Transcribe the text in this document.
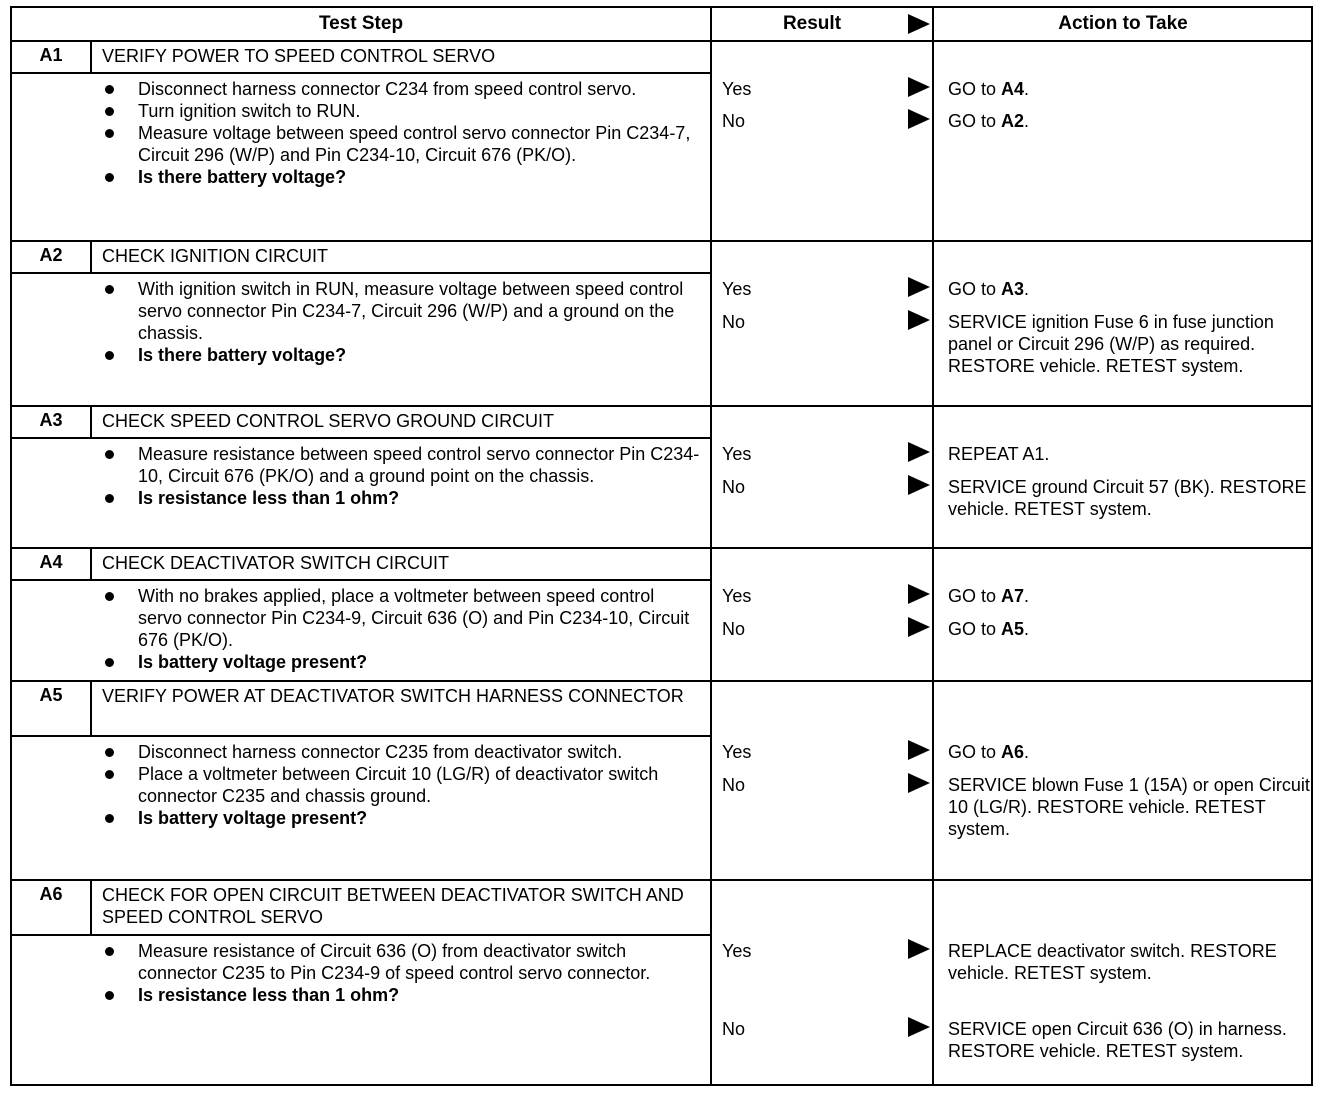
Test Step	Result	Action to Take
A1	VERIFY POWER TO SPEED CONTROL SERVO
Disconnect harness connector C234 from speed control servo.
Turn ignition switch to RUN.
Measure voltage between speed control servo connector Pin C234-7, Circuit 296 (W/P) and Pin C234-10, Circuit 676 (PK/O).
Is there battery voltage?
Yes	GO to A4.
No	GO to A2.
A2	CHECK IGNITION CIRCUIT
With ignition switch in RUN, measure voltage between speed control servo connector Pin C234-7, Circuit 296 (W/P) and a ground on the chassis.
Is there battery voltage?
Yes	GO to A3.
No	SERVICE ignition Fuse 6 in fuse junction panel or Circuit 296 (W/P) as required. RESTORE vehicle. RETEST system.
A3	CHECK SPEED CONTROL SERVO GROUND CIRCUIT
Measure resistance between speed control servo connector Pin C234-10, Circuit 676 (PK/O) and a ground point on the chassis.
Is resistance less than 1 ohm?
Yes	REPEAT A1.
No	SERVICE ground Circuit 57 (BK). RESTORE vehicle. RETEST system.
A4	CHECK DEACTIVATOR SWITCH CIRCUIT
With no brakes applied, place a voltmeter between speed control servo connector Pin C234-9, Circuit 636 (O) and Pin C234-10, Circuit 676 (PK/O).
Is battery voltage present?
Yes	GO to A7.
No	GO to A5.
A5	VERIFY POWER AT DEACTIVATOR SWITCH HARNESS CONNECTOR
Disconnect harness connector C235 from deactivator switch.
Place a voltmeter between Circuit 10 (LG/R) of deactivator switch connector C235 and chassis ground.
Is battery voltage present?
Yes	GO to A6.
No	SERVICE blown Fuse 1 (15A) or open Circuit 10 (LG/R). RESTORE vehicle. RETEST system.
A6	CHECK FOR OPEN CIRCUIT BETWEEN DEACTIVATOR SWITCH AND SPEED CONTROL SERVO
Measure resistance of Circuit 636 (O) from deactivator switch connector C235 to Pin C234-9 of speed control servo connector.
Is resistance less than 1 ohm?
Yes	REPLACE deactivator switch. RESTORE vehicle. RETEST system.
No	SERVICE open Circuit 636 (O) in harness. RESTORE vehicle. RETEST system.
